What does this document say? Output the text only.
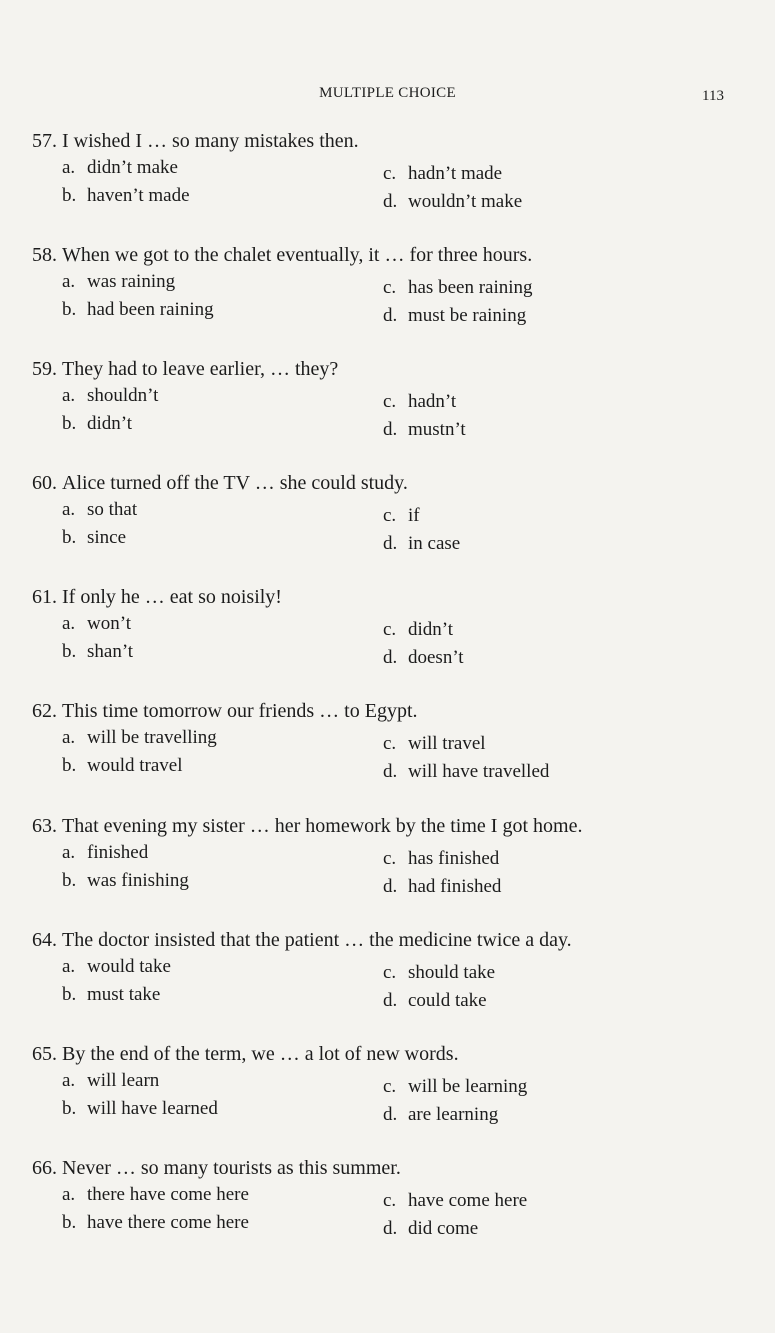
MULTIPLE CHOICE	113
57. I wished I … so many mistakes then.
a. didn’t make
b. haven’t made
c. hadn’t made
d. wouldn’t make
58. When we got to the chalet eventually, it … for three hours.
a. was raining
b. had been raining
c. has been raining
d. must be raining
59. They had to leave earlier, … they?
a. shouldn’t
b. didn’t
c. hadn’t
d. mustn’t
60. Alice turned off the TV … she could study.
a. so that
b. since
c. if
d. in case
61. If only he … eat so noisily!
a. won’t
b. shan’t
c. didn’t
d. doesn’t
62. This time tomorrow our friends … to Egypt.
a. will be travelling
b. would travel
c. will travel
d. will have travelled
63. That evening my sister … her homework by the time I got home.
a. finished
b. was finishing
c. has finished
d. had finished
64. The doctor insisted that the patient … the medicine twice a day.
a. would take
b. must take
c. should take
d. could take
65. By the end of the term, we … a lot of new words.
a. will learn
b. will have learned
c. will be learning
d. are learning
66. Never … so many tourists as this summer.
a. there have come here
b. have there come here
c. have come here
d. did come
